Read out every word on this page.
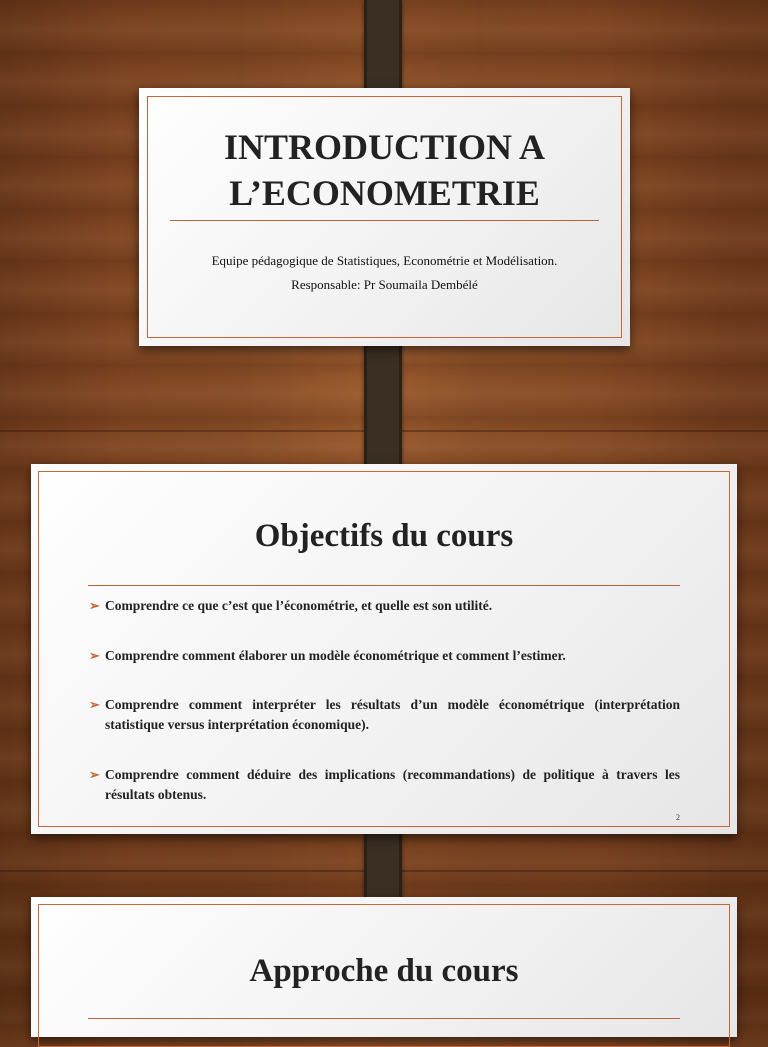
INTRODUCTION A
L’ECONOMETRIE
Equipe pédagogique de Statistiques, Econométrie et Modélisation.
Responsable: Pr Soumaila Dembélé
Objectifs du cours
➢ Comprendre ce que c’est que l’économétrie, et quelle est son utilité.
➢ Comprendre comment élaborer un modèle économétrique et comment l’estimer.
➢ Comprendre comment interpréter les résultats d’un modèle économétrique (interprétation statistique versus interprétation économique).
➢ Comprendre comment déduire des implications (recommandations) de politique à travers les résultats obtenus.
2
Approche du cours
